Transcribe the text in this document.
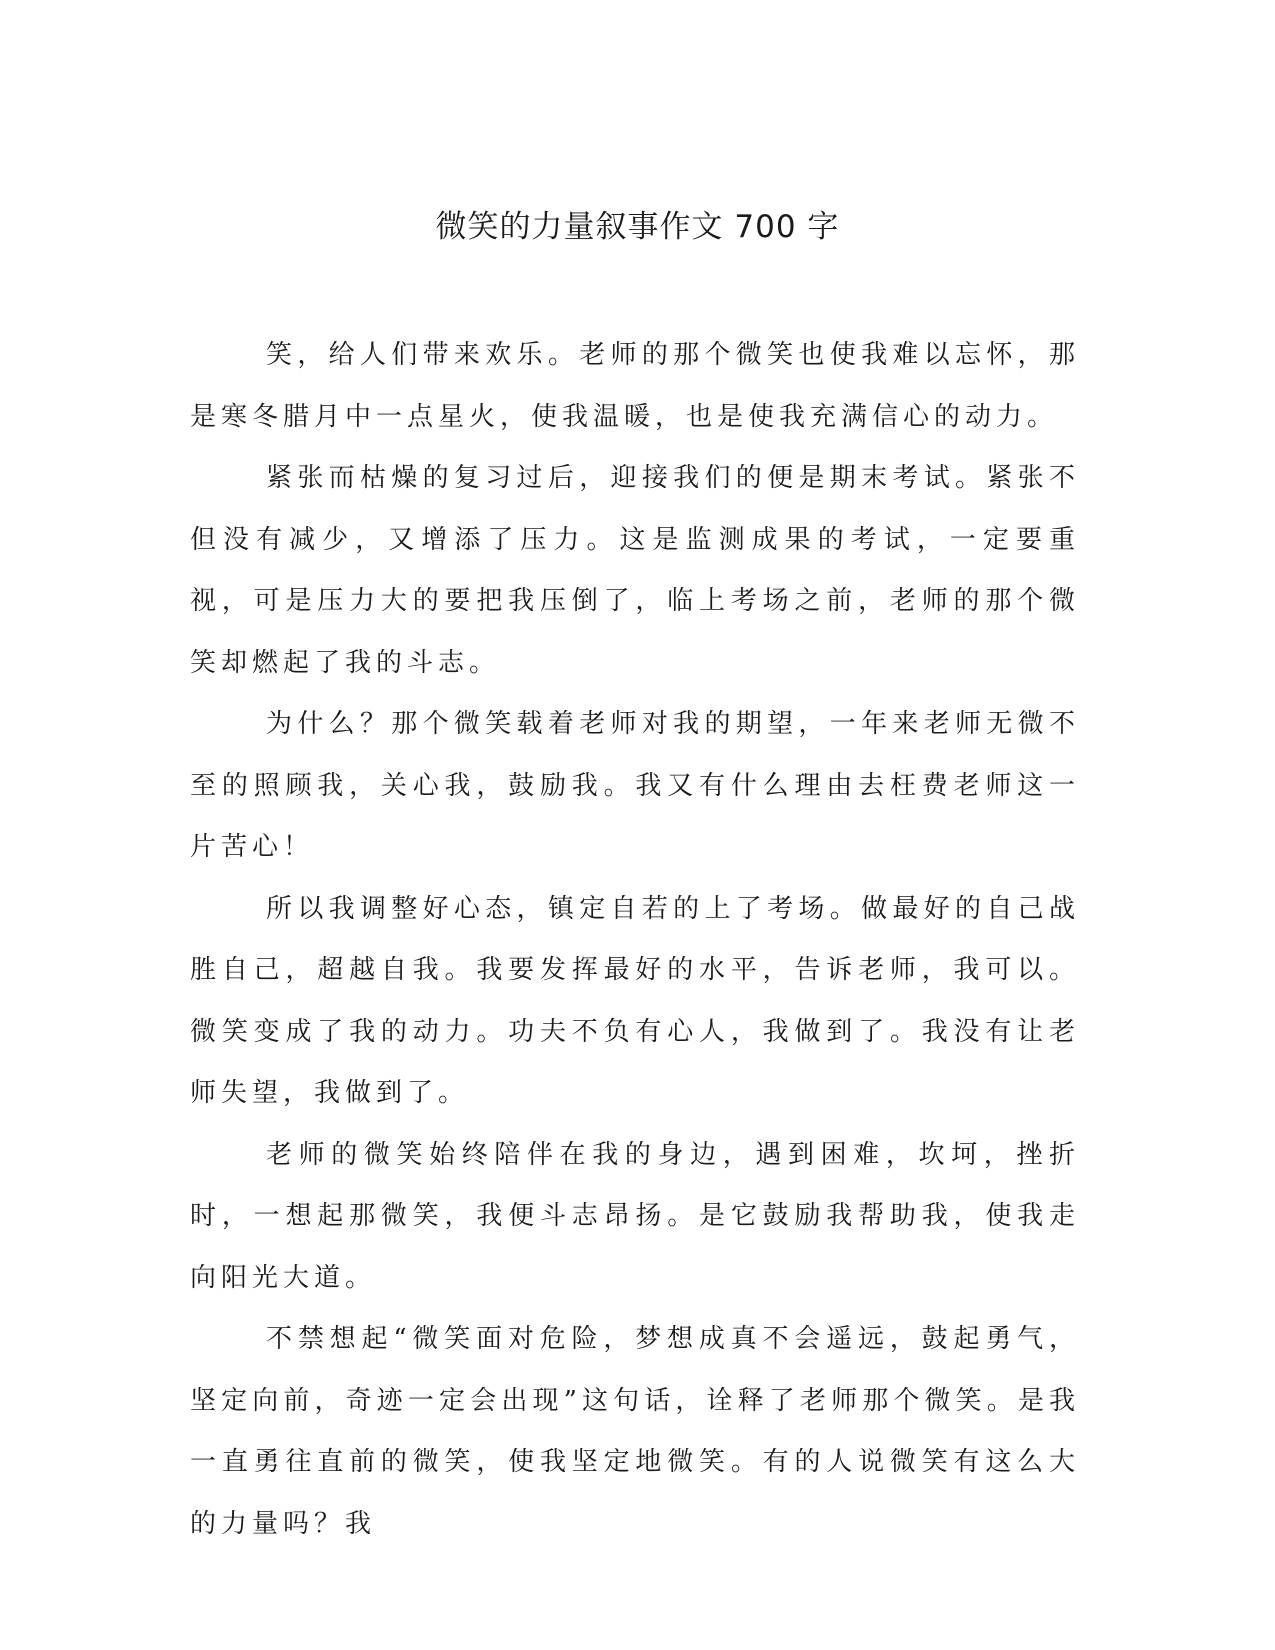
微笑的力量叙事作文 700 字

笑，给人们带来欢乐。老师的那个微笑也使我难以忘怀，那是寒冬腊月中一点星火，使我温暖，也是使我充满信心的动力。

紧张而枯燥的复习过后，迎接我们的便是期末考试。紧张不但没有减少，又增添了压力。这是监测成果的考试，一定要重视，可是压力大的要把我压倒了，临上考场之前，老师的那个微笑却燃起了我的斗志。

为什么？那个微笑载着老师对我的期望，一年来老师无微不至的照顾我，关心我，鼓励我。我又有什么理由去枉费老师这一片苦心！

所以我调整好心态，镇定自若的上了考场。做最好的自己战胜自己，超越自我。我要发挥最好的水平，告诉老师，我可以。微笑变成了我的动力。功夫不负有心人，我做到了。我没有让老师失望，我做到了。

老师的微笑始终陪伴在我的身边，遇到困难，坎坷，挫折时，一想起那微笑，我便斗志昂扬。是它鼓励我帮助我，使我走向阳光大道。

不禁想起“微笑面对危险，梦想成真不会遥远，鼓起勇气，坚定向前，奇迹一定会出现”这句话，诠释了老师那个微笑。是我一直勇往直前的微笑，使我坚定地微笑。有的人说微笑有这么大的力量吗？我
